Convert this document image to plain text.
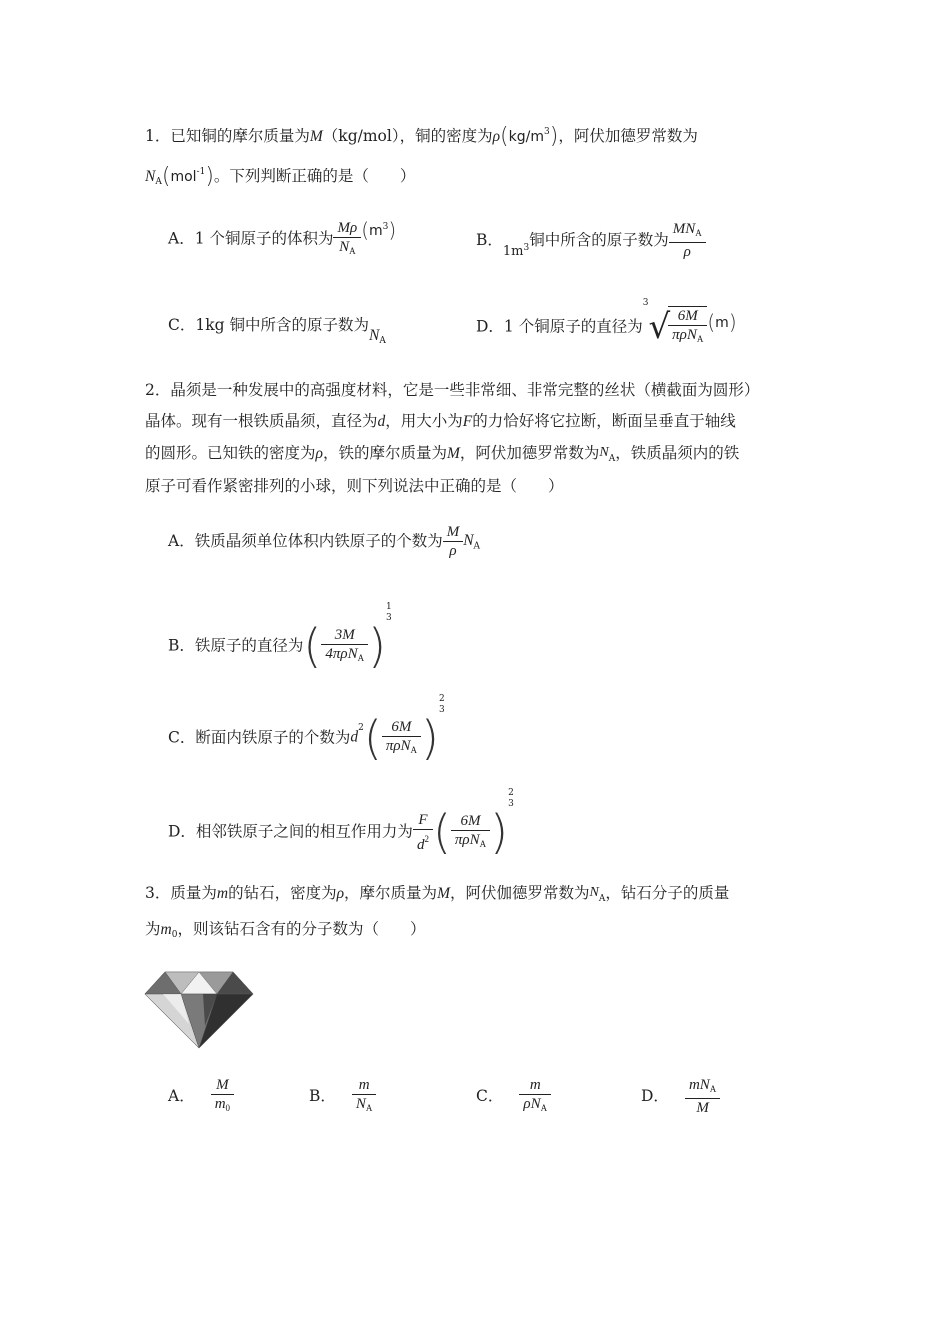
1．已知铜的摩尔质量为M（kg/mol），铜的密度为$\rho(kg/m^3)$，阿伏加德罗常数为
$N_A(mol^{-1})$。下列判断正确的是（　　）
A．1 个铜原子的体积为 $\frac{M\rho}{N_A} (m^3)$	B．$_{1m^3}$铜中所含的原子数为 $\frac{MN_A}{\rho}$
C．1kg 铜中所含的原子数为$N_A$
D．1 个铜原子的直径为$^3$√
$\frac{6M}{\pi\rho N_A} (m)$
2．晶须是一种发展中的高强度材料，它是一些非常细、非常完整的丝状（横截面为圆形）
晶体。现有一根铁质晶须，直径为d，用大小为F的力恰好将它拉断，断面呈垂直于轴线
的圆形。已知铁的密度为ρ，铁的摩尔质量为M，阿伏加德罗常数为$N_A$，铁质晶须内的铁
原子可看作紧密排列的小球，则下列说法中正确的是（　　）
A．铁质晶须单位体积内铁原子的个数为 $\frac{M}{\rho} N_A$
B．铁原子的直径为( $\frac{3M}{4\pi\rho N_A}$ )
1
3
C．断面内铁原子的个数为$d^2( \frac{6M}{\pi\rho N_A}$ )
2
3
D．相邻铁原子之间的相互作用力为 $\frac{F}{d^2}$ ( $\frac{6M}{\pi\rho N_A}$ )
2
3
3．质量为m的钻石，密度为ρ，摩尔质量为M，阿伏伽德罗常数为$N_A$，钻石分子的质量
为$m_0$，则该钻石含有的分子数为（　　）
A． $\frac{M}{m_0}$	B． $\frac{m}{N_A}$	C． $\frac{m}{\rho N_A}$	D． $\frac{mN_A}{M}$
